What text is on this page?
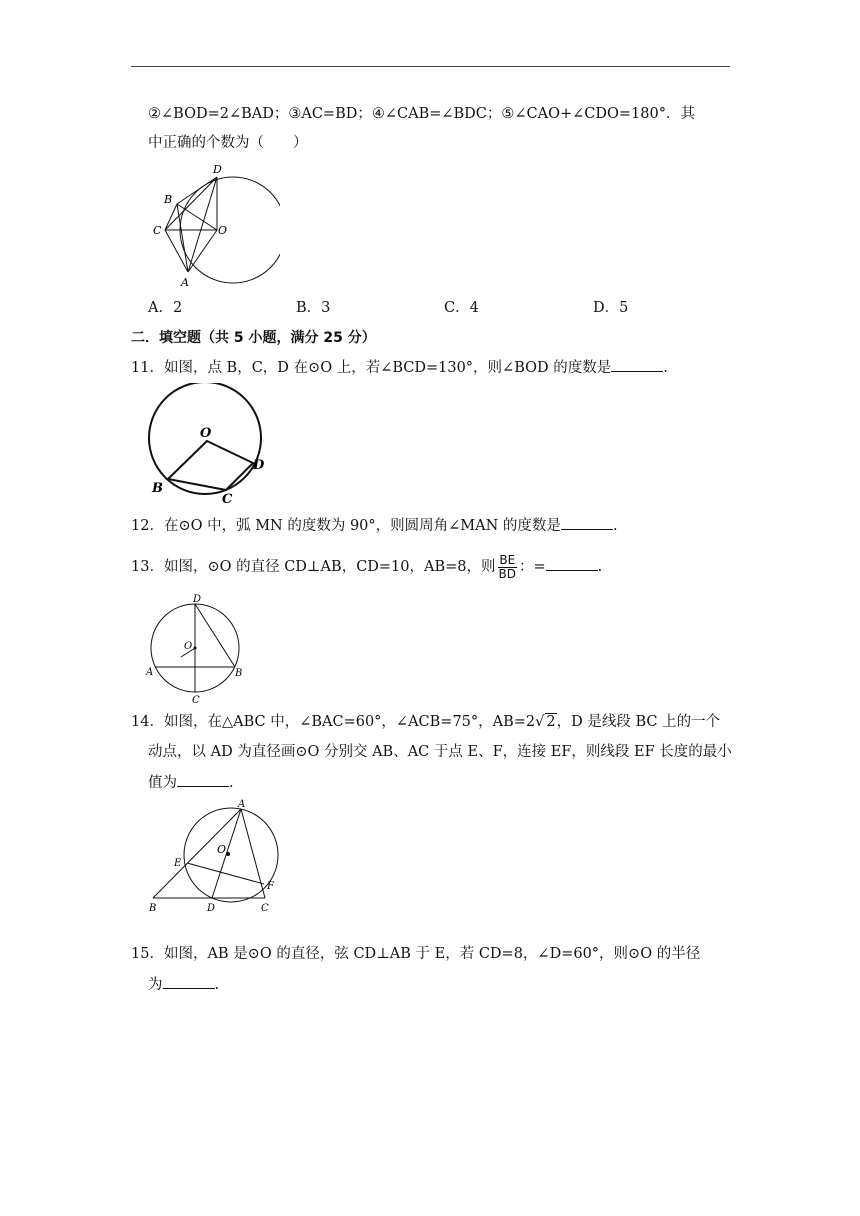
②∠BOD=2∠BAD；③AC=BD；④∠CAB=∠BDC；⑤∠CAO+∠CDO=180°．其
中正确的个数为（　　）
D
B
C	O
A
A．2	B．3	C．4	D．5
二．填空题（共 5 小题，满分 25 分）
11．如图，点 B，C，D 在⊙O 上，若∠BCD=130°，则∠BOD 的度数是	.
O
D
B
C
12．在⊙O 中，弧 MN 的度数为 90°，则圆周角∠MAN 的度数是	.
13．如图，⊙O 的直径 CD⊥AB，CD=10，AB=8，则 $\frac{BE}{BD}$ ：=	.
D
O
A	B
C
14．如图，在△ABC 中，∠BAC=60°，∠ACB=75°，AB=2√ 2，D 是线段 BC 上的一个
动点，以 AD 为直径画⊙O 分别交 AB、AC 于点 E、F，连接 EF，则线段 EF 长度的最小
值为	.
A
O
E
F
B	D	C
15．如图，AB 是⊙O 的直径，弦 CD⊥AB 于 E，若 CD=8，∠D=60°，则⊙O 的半径
为	.
